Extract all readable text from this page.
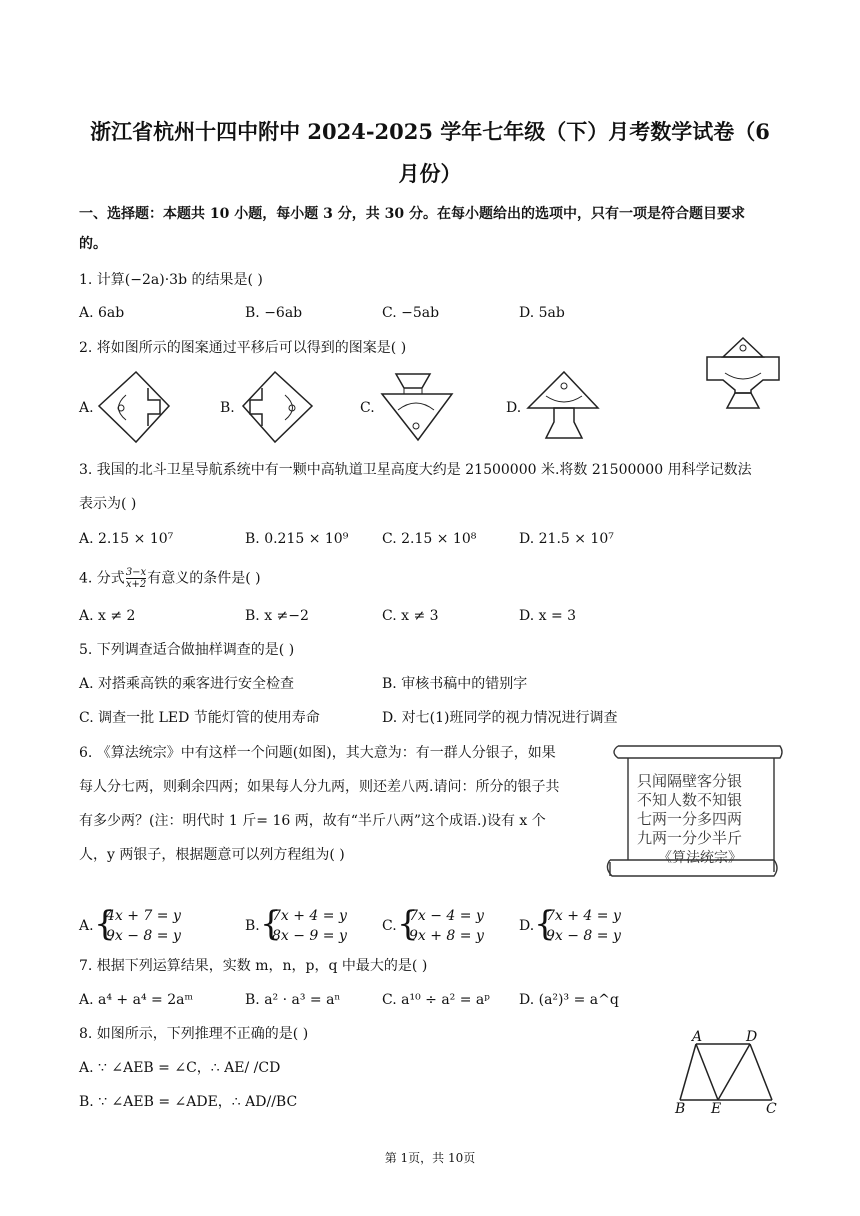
浙江省杭州十四中附中 2024-2025 学年七年级（下）月考数学试卷（6
月份）
一、选择题：本题共 10 小题，每小题 3 分，共 30 分。在每小题给出的选项中，只有一项是符合题目要求
的。
1. 计算(−2a)·3b 的结果是( )
A. 6ab	B. −6ab	C. −5ab	D. 5ab
2. 将如图所示的图案通过平移后可以得到的图案是( )
A.	B.	C.	D.
3. 我国的北斗卫星导航系统中有一颗中高轨道卫星高度大约是 21500000 米.将数 21500000 用科学记数法
表示为( )
A. 2.15 × 10⁷	B. 0.215 × 10⁹ C. 2.15 × 10⁸	D. 21.5 × 10⁷
4. 分式 $\frac{3-x}{x+2}$ 有意义的条件是( )
A. x ≠ 2	B. x ≠−2	C. x ≠ 3	D. x = 3
5. 下列调查适合做抽样调查的是( )
A. 对搭乘高铁的乘客进行安全检查	B. 审核书稿中的错别字
C. 调查一批 LED 节能灯管的使用寿命	D. 对七(1)班同学的视力情况进行调查
6. 《算法统宗》中有这样一个问题(如图)，其大意为：有一群人分银子，如果
每人分七两，则剩余四两；如果每人分九两，则还差八两.请问：所分的银子共
有多少两？(注：明代时 1 斤= 16 两，故有“半斤八两”这个成语.)设有 x 个
人，y 两银子，根据题意可以列方程组为( )
只闻隔壁客分银
不知人数不知银
七两一分多四两
九两一分少半斤
《算法统宗》
A. {
4x + 7 = y
9x − 8 = y
B. {
7x + 4 = y
8x − 9 = y
C. {
7x − 4 = y
9x + 8 = y
D. {
7x + 4 = y
9x − 8 = y
7. 根据下列运算结果，实数 m，n，p，q 中最大的是( )
A. a⁴ + a⁴ = 2aᵐ	B. a² · a³ = aⁿ	C. a¹⁰ ÷ a² = aᵖ D. (a²)³ = a^q
8. 如图所示，下列推理不正确的是( )
A. ∵ ∠AEB = ∠C，∴ AE/ /CD
B. ∵ ∠AEB = ∠ADE，∴ AD//BC
A	D
B E	C
第 1页，共 10页
